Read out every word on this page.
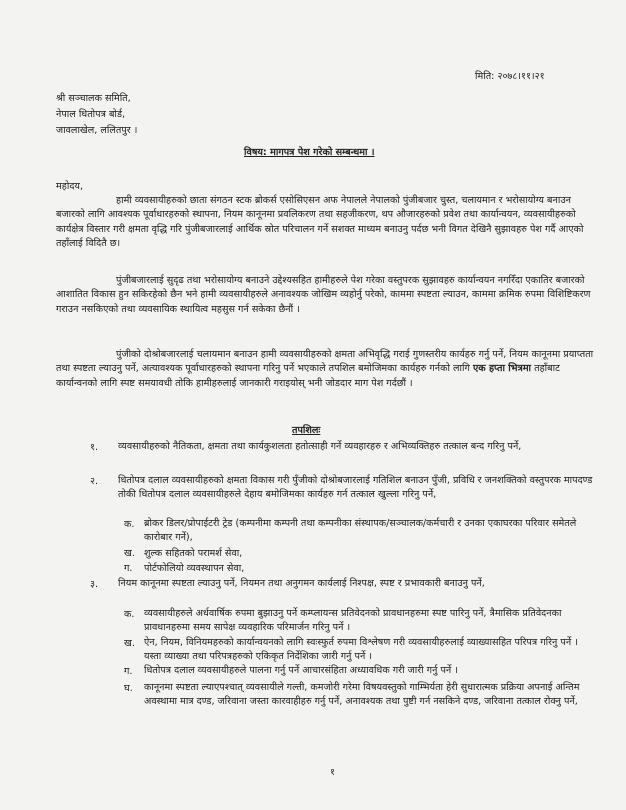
मिति: २०७८।११।२१
श्री सञ्चालक समिति,
नेपाल धितोपत्र बोर्ड,
जावलाखेल, ललितपुर ।
विषय: मागपत्र पेश गरेको सम्बन्धमा ।
महोदय,
हामी व्यवसायीहरुको छाता संगठन स्टक ब्रोकर्स एसोसिएसन अफ नेपालले नेपालको पुंजीबजार चुस्त, चलायमान र भरोसायोग्य बनाउन बजारको लागि आवश्यक पूर्वाधारहरुको स्थापना, नियम कानूनमा प्रवलिकरण तथा सहजीकरण, थप औजारहरुको प्रवेश तथा कार्यान्वयन, व्यवसायीहरुको कार्यक्षेत्र विस्तार गरी क्षमता वृद्धि गरि पुंजीबजारलाई आर्थिक स्रोत परिचालन गर्ने सशक्त माध्यम बनाउनु पर्दछ भनी विगत देखिनै सुझावहरु पेश गर्दै आएको तहाँलाई विदितै छ।
पुंजीबजारलाई सुदृढ तथा भरोसायोग्य बनाउने उद्देश्यसहित हामीहरुले पेश गरेका वस्तुपरक सुझावहरु कार्यान्वयन नगरिँदा एकातिर बजारको आशातित विकास हुन सकिरहेको छैन भने हामी व्यवसायीहरुले अनावश्यक जोखिम व्यहोर्नु परेको, काममा स्पष्टता ल्याउन, काममा क्रमिक रुपमा विशिष्टिकरण गराउन नसकिएको तथा व्यवसायिक स्थायित्व महसुस गर्न सकेका छैनौं ।
पुंजीको दोश्रोबजारलाई चलायमान बनाउन हामी व्यवसायीहरुको क्षमता अभिवृद्धि गराई गुणस्तरीय कार्यहरु गर्नु पर्ने, नियम कानूनमा प्रयाप्तता तथा स्पष्टता ल्याउनु पर्ने, अत्यावश्यक पूर्वाधारहरुको स्थापना गरिनु पर्ने भएकाले तपशिल बमोजिमका कार्यहरु गर्नको लागि एक हप्ता भित्रमा तहाँबाट कार्यान्वनको लागि स्पष्ट समयावधी तोकि हामीहरुलाई जानकारी गराइयोस् भनी जोडदार माग पेश गर्दछौं ।
तपशिलः
१. व्यवसायीहरुको नैतिकता, क्षमता तथा कार्यकुशलता हतोत्साही गर्ने व्यवहारहरु र अभिव्यक्तिहरु तत्काल बन्द गरिनु पर्ने,
२. धितोपत्र दलाल व्यवसायीहरुको क्षमता विकास गरी पुँजीको दोश्रोबजारलाई गतिशिल बनाउन पुँजी, प्रविधि र जनशक्तिको वस्तुपरक मापदण्ड तोकी धितोपत्र दलाल व्यवसायीहरुले देहाय बमोजिमका कार्यहरु गर्न तत्काल खुल्ला गरिनु पर्ने,
क. ब्रोकर डिलर/प्रोपाईटरी ट्रेड (कम्पनीमा कम्पनी तथा कम्पनीका संस्थापक/सञ्चालक/कर्मचारी र उनका एकाघरका परिवार समेतले कारोबार गर्ने),
ख. शुल्क सहितको परामर्श सेवा,
ग. पोर्टफोलियो व्यवस्थापन सेवा,
३. नियम कानूनमा स्पष्टता ल्याउनु पर्ने, नियमन तथा अनुगमन कार्यलाई निश्पक्ष, स्पष्ट र प्रभावकारी बनाउनु पर्ने,
क. व्यवसायीहरुले अर्धवार्षिक रुपमा बुझाउनु पर्ने कम्प्लायन्स प्रतिवेदनको प्रावधानहरुमा स्पष्ट पारिनु पर्ने, त्रैमासिक प्रतिवेदनका प्रावधानहरुमा समय सापेक्ष व्यवहारिक परिमार्जन गरिनु पर्ने ।
ख. ऐन, नियम, विनियमहरुको कार्यान्वयनको लागि स्वःस्फुर्त रुपमा विश्लेषण गरी व्यवसायीहरुलाई व्याख्यासहित परिपत्र गरिनु पर्ने । यस्ता व्याख्या तथा परिपत्रहरुको एकिकृत निर्देशिका जारी गर्नु पर्ने ।
ग. धितोपत्र दलाल व्यवसायीहरुले पालना गर्नु पर्ने आचारसंहिता अध्यावधिक गरी जारी गर्नु पर्ने ।
घ. कानूनमा स्पष्टता ल्याएपश्चात् व्यवसायीले गल्ती, कमजोरी गरेमा विषयवस्तुको गाम्भिर्यता हेरी सुधारात्मक प्रक्रिया अपनाई अन्तिम अवस्थामा मात्र दण्ड, जरिवाना जस्ता कारवाहीहरु गर्नु पर्ने, अनावश्यक तथा पुष्टी गर्न नसकिने दण्ड, जरिवाना तत्काल रोक्नु पर्ने,
१
